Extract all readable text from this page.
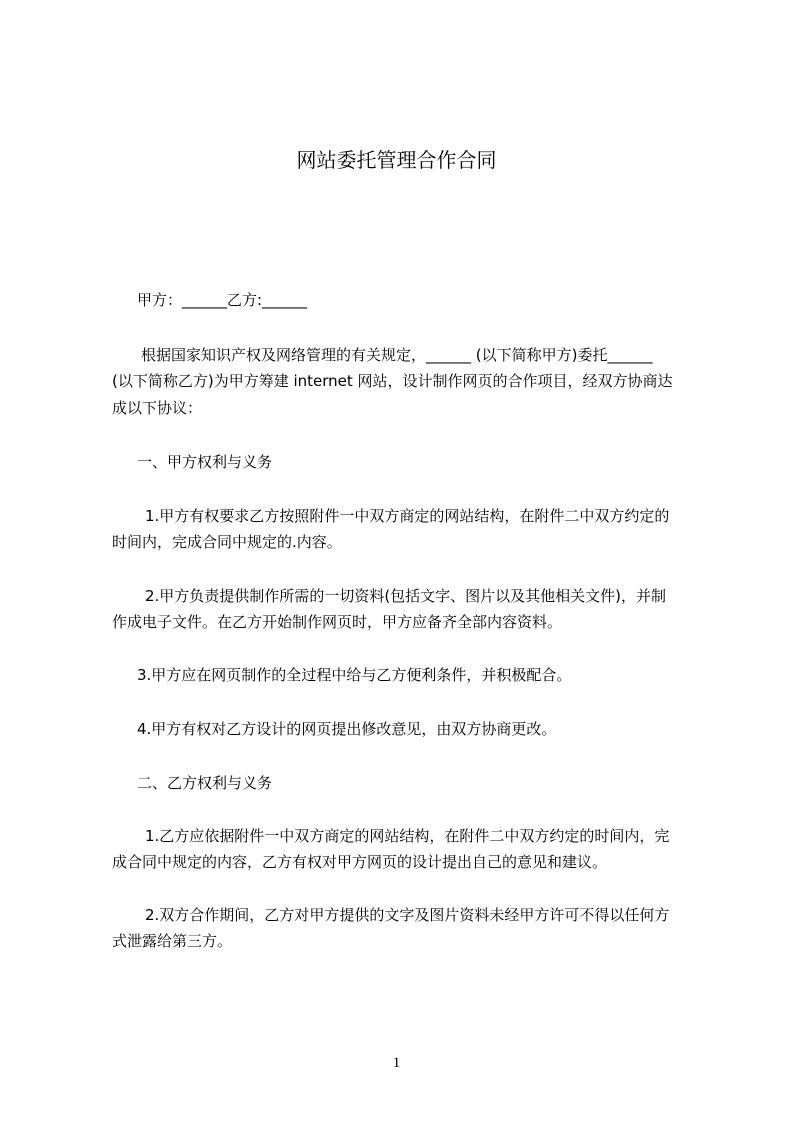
网站委托管理合作合同
甲方：______乙方:______
根据国家知识产权及网络管理的有关规定，______ (以下简称甲方)委托______
(以下简称乙方)为甲方筹建 internet 网站，设计制作网页的合作项目，经双方协商达
成以下协议：
一、甲方权利与义务
1.甲方有权要求乙方按照附件一中双方商定的网站结构，在附件二中双方约定的
时间内，完成合同中规定的.内容。
2.甲方负责提供制作所需的一切资料(包括文字、图片以及其他相关文件)，并制
作成电子文件。在乙方开始制作网页时，甲方应备齐全部内容资料。
3.甲方应在网页制作的全过程中给与乙方便利条件，并积极配合。
4.甲方有权对乙方设计的网页提出修改意见，由双方协商更改。
二、乙方权利与义务
1.乙方应依据附件一中双方商定的网站结构，在附件二中双方约定的时间内，完
成合同中规定的内容，乙方有权对甲方网页的设计提出自己的意见和建议。
2.双方合作期间，乙方对甲方提供的文字及图片资料未经甲方许可不得以任何方
式泄露给第三方。
1
